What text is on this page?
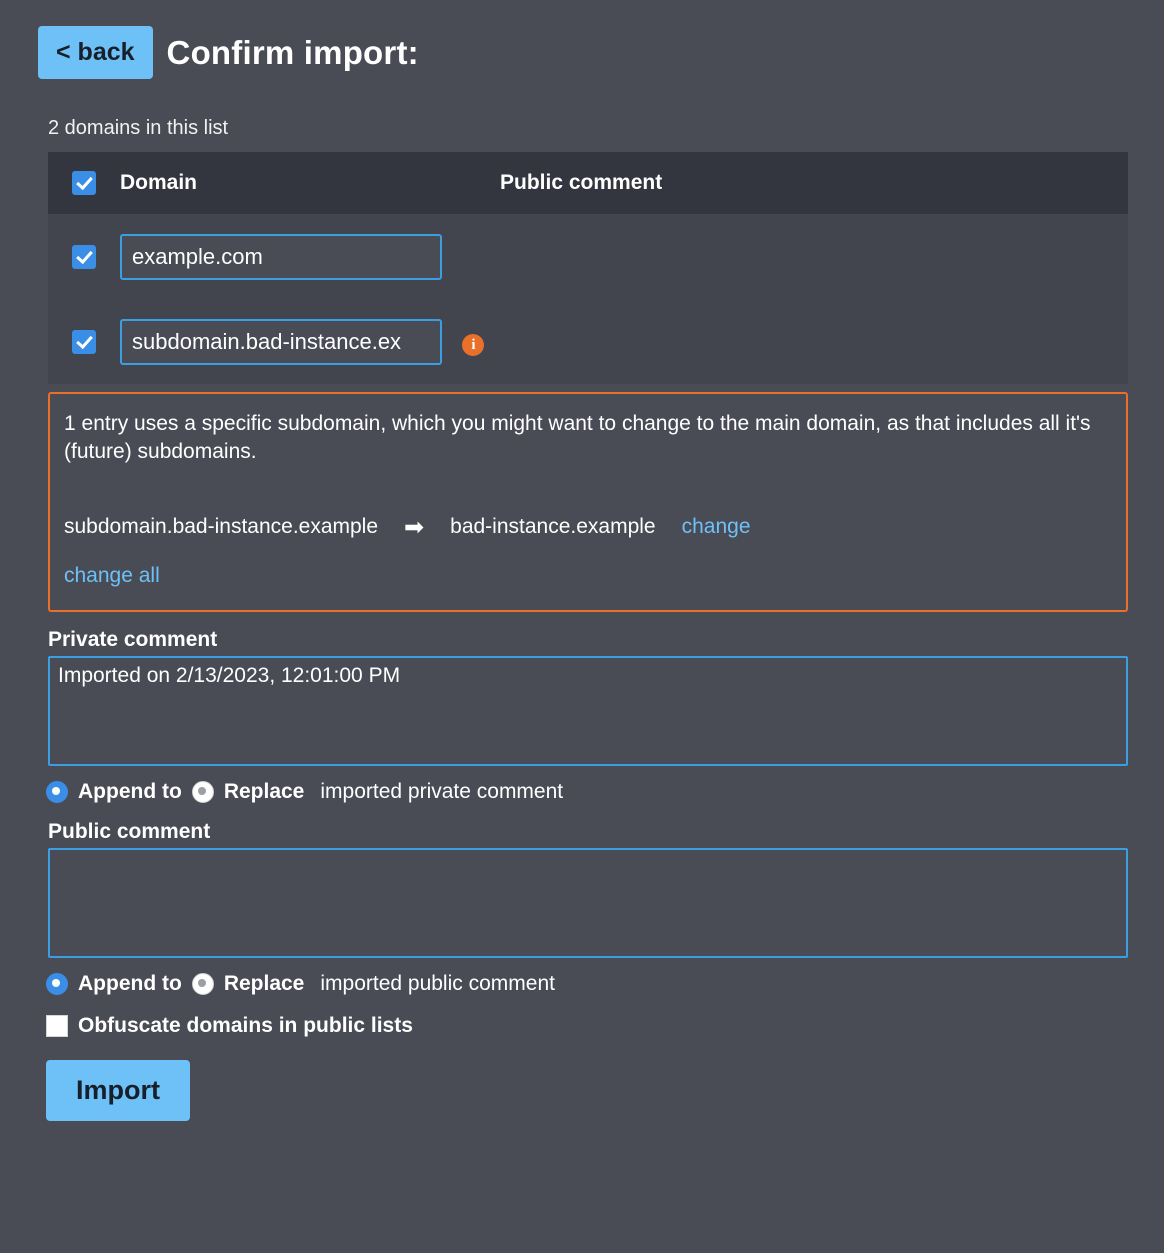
< back Confirm import:
2 domains in this list
Domain	Public comment
example.com
subdomain.bad-instance.ex i
1 entry uses a specific subdomain, which you might want to change to the main domain, as that includes all it's (future) subdomains.
subdomain.bad-instance.example ➡ bad-instance.example change
change all
Private comment
Imported on 2/13/2023, 12:01:00 PM
Append to Replace imported private comment
Public comment
Append to Replace imported public comment
Obfuscate domains in public lists
Import
